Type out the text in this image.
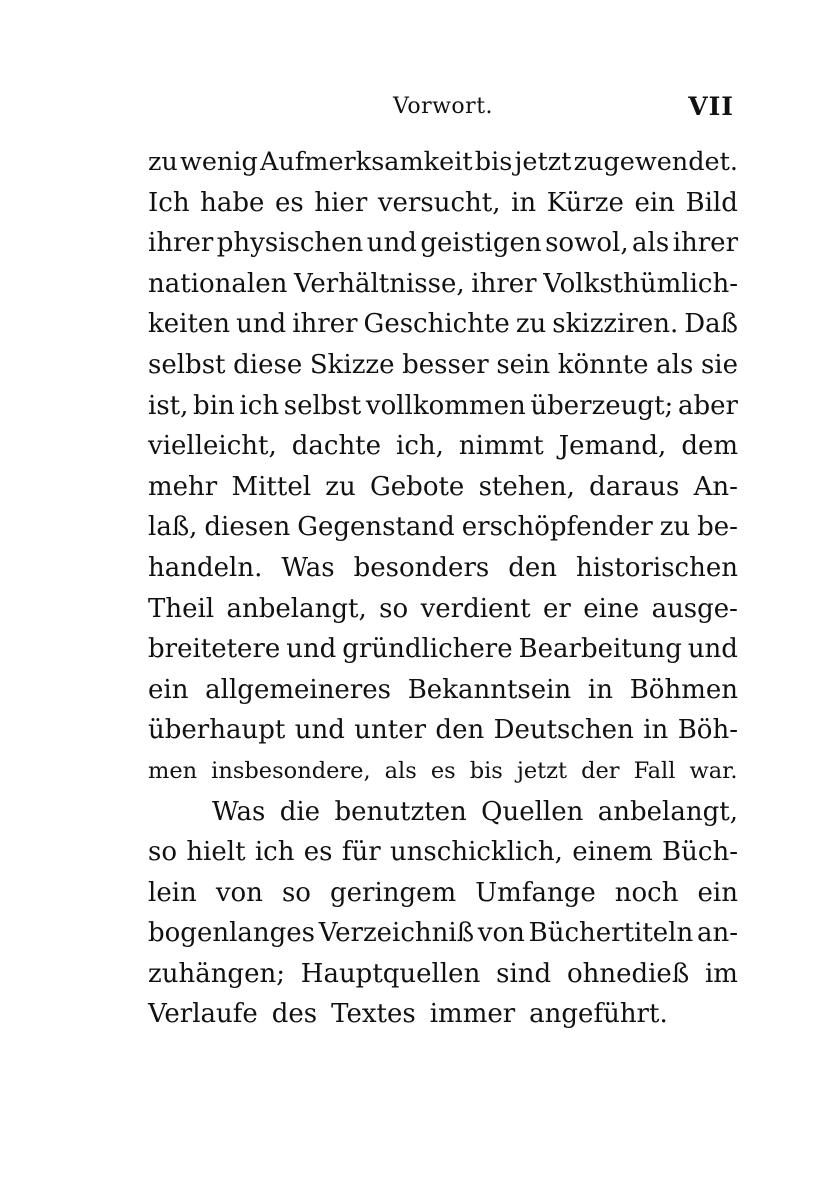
Vorwort.	VII
zu wenig Aufmerksamkeit bis jetzt zugewendet.
Ich habe es hier versucht, in Kürze ein Bild
ihrer physischen und geistigen sowol, als ihrer
nationalen Verhältnisse, ihrer Volksthümlich-
keiten und ihrer Geschichte zu skizziren. Daß
selbst diese Skizze besser sein könnte als sie
ist, bin ich selbst vollkommen überzeugt; aber
vielleicht, dachte ich, nimmt Jemand, dem
mehr Mittel zu Gebote stehen, daraus An-
laß, diesen Gegenstand erschöpfender zu be-
handeln. Was besonders den historischen
Theil anbelangt, so verdient er eine ausge-
breitetere und gründlichere Bearbeitung und
ein allgemeineres Bekanntsein in Böhmen
überhaupt und unter den Deutschen in Böh-
men insbesondere, als es bis jetzt der Fall war.
Was die benutzten Quellen anbelangt,
so hielt ich es für unschicklich, einem Büch-
lein von so geringem Umfange noch ein
bogenlanges Verzeichniß von Büchertiteln an-
zuhängen; Hauptquellen sind ohnedieß im
Verlaufe des Textes immer angeführt.
